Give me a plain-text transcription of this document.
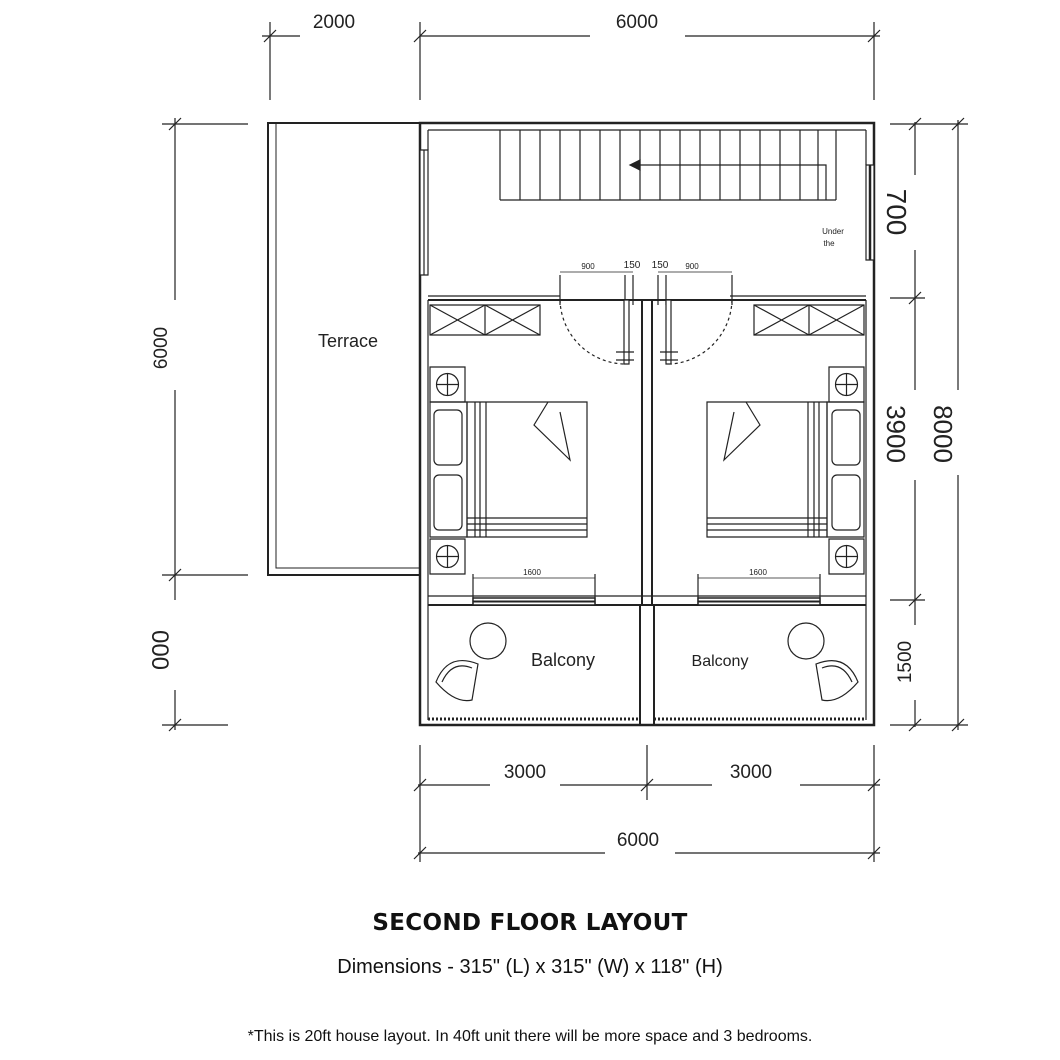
2000	6000
6000
000
700
3900 8000
1500
3000	3000
6000
900	150 150 900
1600	1600
Terrace
Balcony	Balcony
Under
the
SECOND FLOOR LAYOUT
Dimensions - 315" (L) x 315" (W) x 118" (H)
*This is 20ft house layout. In 40ft unit there will be more space and 3 bedrooms.
